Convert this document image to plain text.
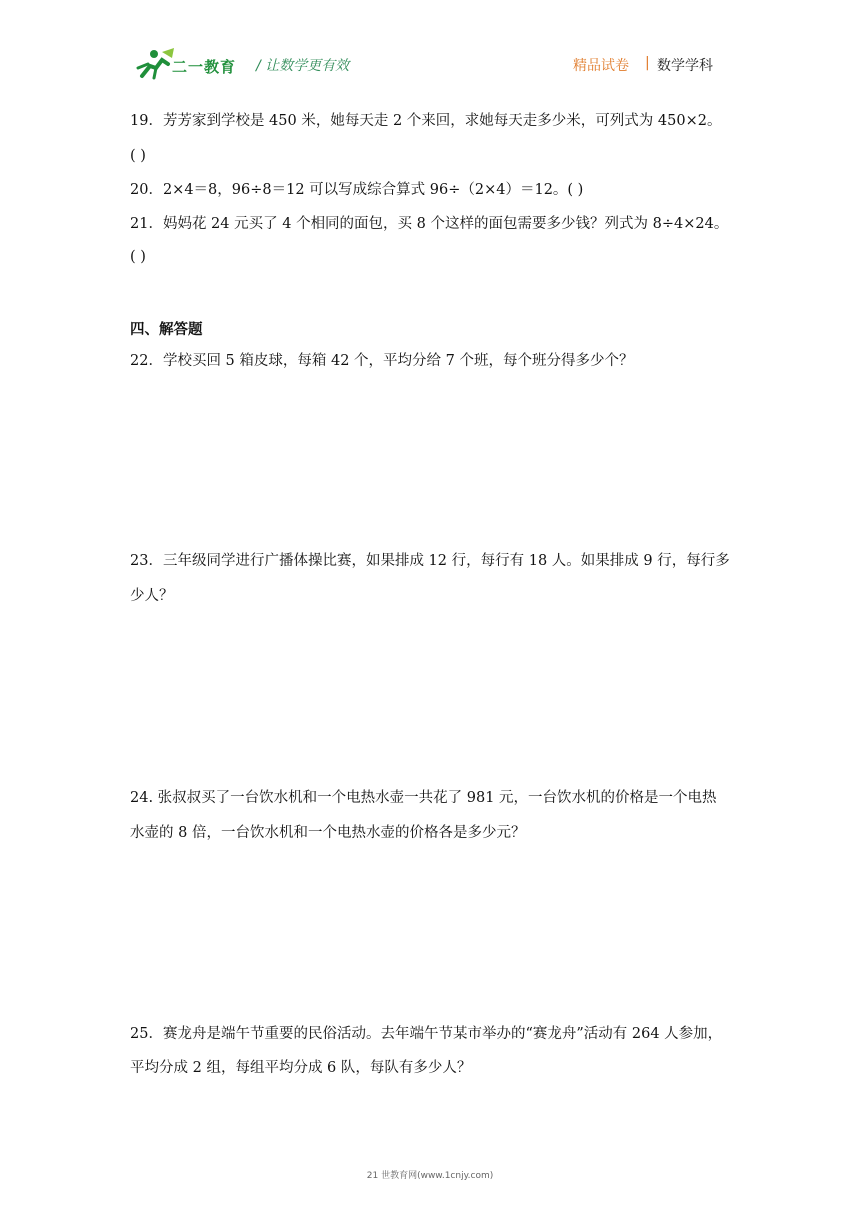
二一教育 / 让数学更有效	精品试卷 | 数学学科
19．芳芳家到学校是 450 米，她每天走 2 个来回，求她每天走多少米，可列式为 450×2。
( )
20．2×4＝8，96÷8＝12 可以写成综合算式 96÷（2×4）＝12。( )
21．妈妈花 24 元买了 4 个相同的面包，买 8 个这样的面包需要多少钱？列式为 8÷4×24。
( )
四、解答题
22．学校买回 5 箱皮球，每箱 42 个，平均分给 7 个班，每个班分得多少个？
23．三年级同学进行广播体操比赛，如果排成 12 行，每行有 18 人。如果排成 9 行，每行多
少人？
24. 张叔叔买了一台饮水机和一个电热水壶一共花了 981 元，一台饮水机的价格是一个电热
水壶的 8 倍，一台饮水机和一个电热水壶的价格各是多少元？
25．赛龙舟是端午节重要的民俗活动。去年端午节某市举办的“赛龙舟”活动有 264 人参加，
平均分成 2 组，每组平均分成 6 队，每队有多少人？
21 世教育网(www.1cnjy.com)
